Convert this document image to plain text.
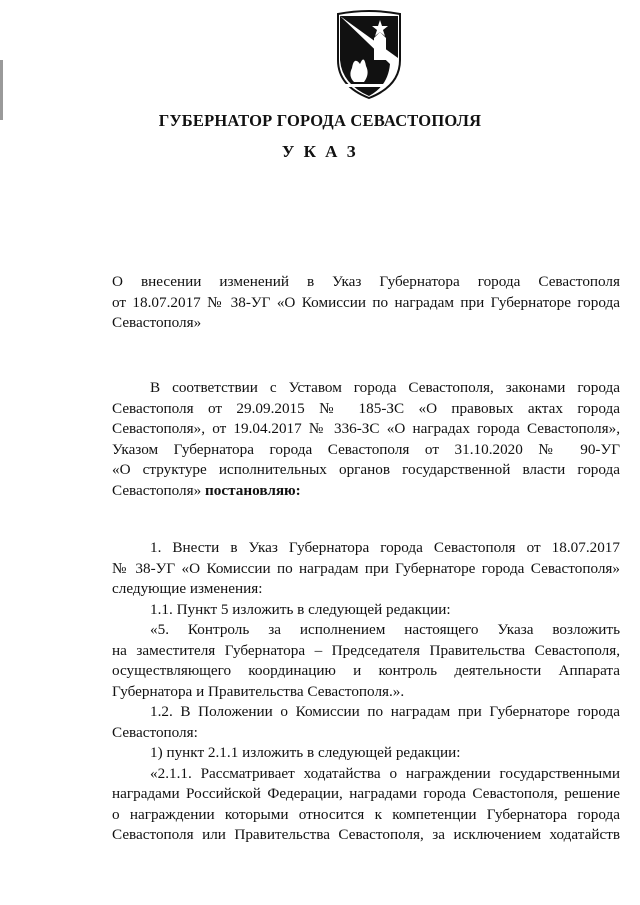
ГУБЕРНАТОР ГОРОДА СЕВАСТОПОЛЯ
У К А З
О внесении изменений в Указ Губернатора города Севастополя
от 18.07.2017 № 38-УГ «О Комиссии по наградам при Губернаторе города
Севастополя»
В соответствии с Уставом города Севастополя, законами города
Севастополя от 29.09.2015 № 185-ЗС «О правовых актах города
Севастополя», от 19.04.2017 № 336-ЗС «О наградах города Севастополя»,
Указом Губернатора города Севастополя от 31.10.2020 № 90-УГ
«О структуре исполнительных органов государственной власти города
Севастополя» постановляю:
1. Внести в Указ Губернатора города Севастополя от 18.07.2017
№ 38-УГ «О Комиссии по наградам при Губернаторе города Севастополя»
следующие изменения:
1.1. Пункт 5 изложить в следующей редакции:
«5. Контроль за исполнением настоящего Указа возложить
на заместителя Губернатора – Председателя Правительства Севастополя,
осуществляющего координацию и контроль деятельности Аппарата
Губернатора и Правительства Севастополя.».
1.2. В Положении о Комиссии по наградам при Губернаторе города
Севастополя:
1) пункт 2.1.1 изложить в следующей редакции:
«2.1.1. Рассматривает ходатайства о награждении государственными
наградами Российской Федерации, наградами города Севастополя, решение
о награждении которыми относится к компетенции Губернатора города
Севастополя или Правительства Севастополя, за исключением ходатайств
